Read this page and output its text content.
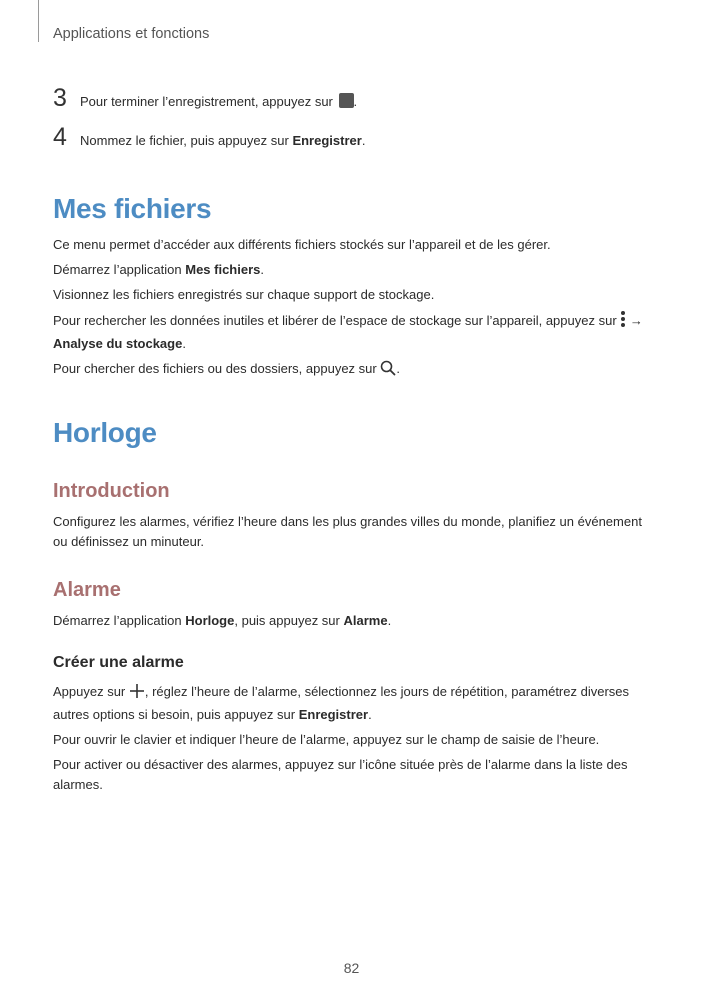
Applications et fonctions
3	Pour terminer l’enregistrement, appuyez sur .
4	Nommez le fichier, puis appuyez sur Enregistrer.
Mes fichiers

Ce menu permet d’accéder aux différents fichiers stockés sur l’appareil et de les gérer.

Démarrez l’application Mes fichiers.

Visionnez les fichiers enregistrés sur chaque support de stockage.

Pour rechercher les données inutiles et libérer de l’espace de stockage sur l’appareil, appuyez sur  →
Analyse du stockage.

Pour chercher des fichiers ou des dossiers, appuyez sur .

Horloge
Introduction

Configurez les alarmes, vérifiez l’heure dans les plus grandes villes du monde, planifiez un événement ou définissez un minuteur.

Alarme

Démarrez l’application Horloge, puis appuyez sur Alarme.

Créer une alarme

Appuyez sur , réglez l’heure de l’alarme, sélectionnez les jours de répétition, paramétrez diverses autres options si besoin, puis appuyez sur Enregistrer.

Pour ouvrir le clavier et indiquer l’heure de l’alarme, appuyez sur le champ de saisie de l’heure.

Pour activer ou désactiver des alarmes, appuyez sur l’icône située près de l’alarme dans la liste des alarmes.

82
